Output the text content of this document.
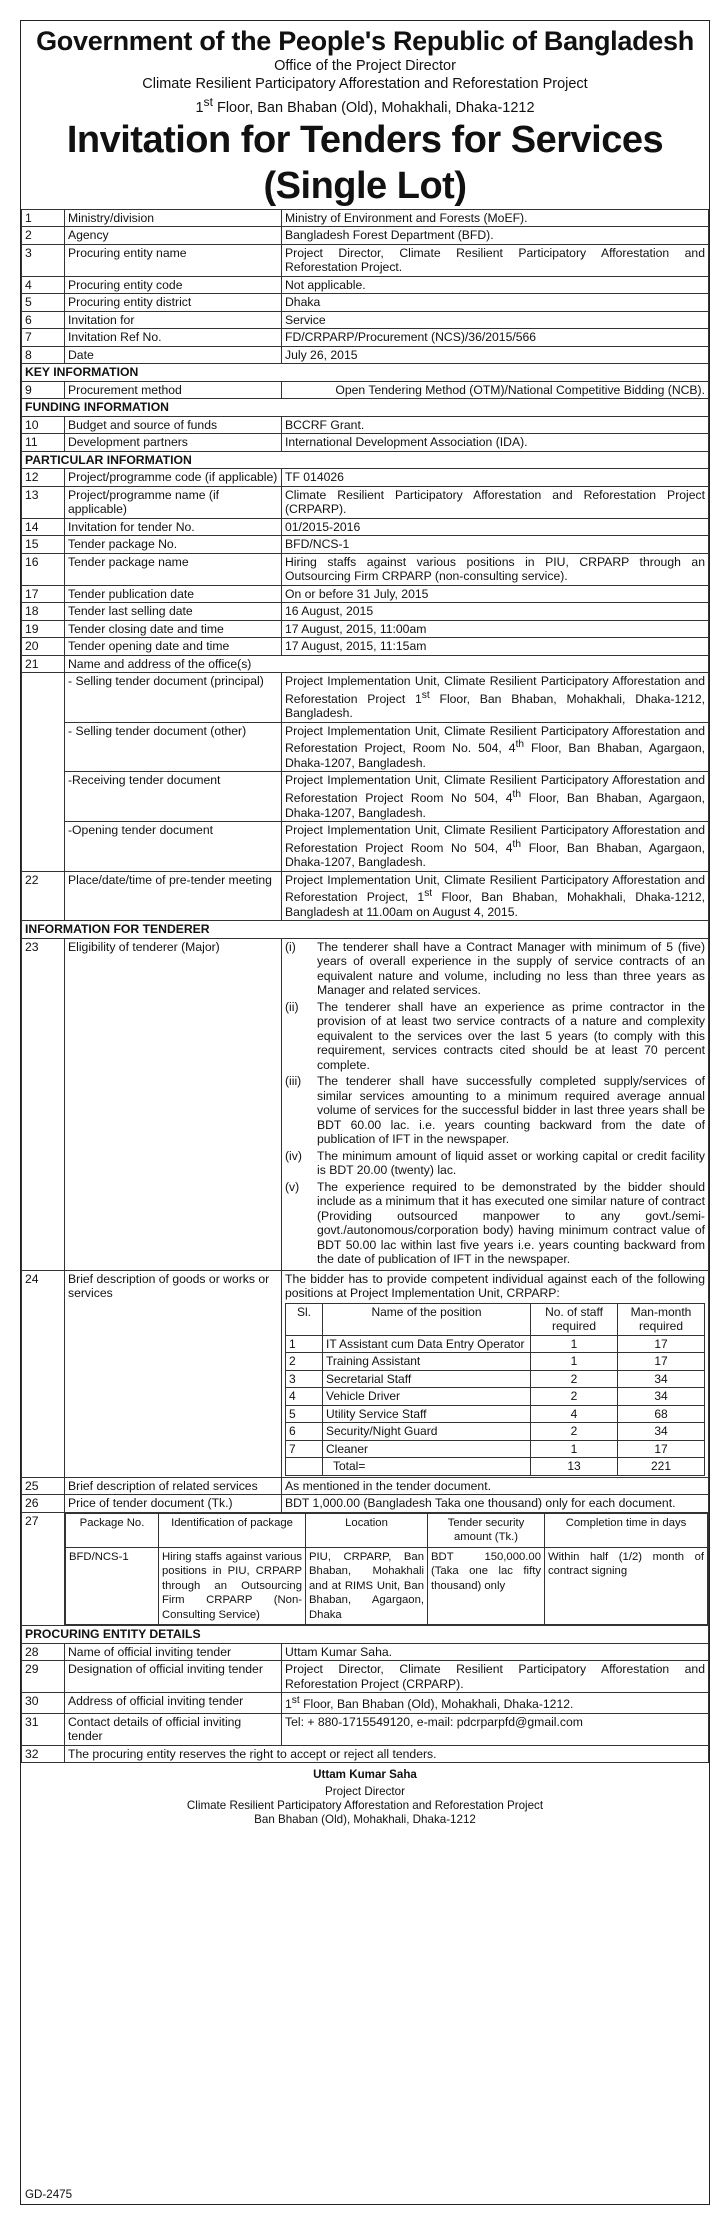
Government of the People's Republic of Bangladesh
Office of the Project Director
Climate Resilient Participatory Afforestation and Reforestation Project
1st Floor, Ban Bhaban (Old), Mohakhali, Dhaka-1212
Invitation for Tenders for Services
(Single Lot)
1	Ministry/division	Ministry of Environment and Forests (MoEF).
2	Agency	Bangladesh Forest Department (BFD).
3	Procuring entity name	Project Director, Climate Resilient Participatory Afforestation and Reforestation Project.
4	Procuring entity code	Not applicable.
5	Procuring entity district	Dhaka
6	Invitation for	Service
7	Invitation Ref No.	FD/CRPARP/Procurement (NCS)/36/2015/566
8	Date	July 26, 2015
KEY INFORMATION
9	Procurement method	Open Tendering Method (OTM)/National Competitive Bidding (NCB).
FUNDING INFORMATION
10	Budget and source of funds	BCCRF Grant.
11	Development partners	International Development Association (IDA).
PARTICULAR INFORMATION
12	Project/programme code (if applicable)	TF 014026
13	Project/programme name (if applicable)	Climate Resilient Participatory Afforestation and Reforestation Project (CRPARP).
14	Invitation for tender No.	01/2015-2016
15	Tender package No.	BFD/NCS-1
16	Tender package name	Hiring staffs against various positions in PIU, CRPARP through an Outsourcing Firm CRPARP (non-consulting service).
17	Tender publication date	On or before 31 July, 2015
18	Tender last selling date	16 August, 2015
19	Tender closing date and time	17 August, 2015, 11:00am
20	Tender opening date and time	17 August, 2015, 11:15am
21	Name and address of the office(s)
	- Selling tender document (principal)	Project Implementation Unit, Climate Resilient Participatory Afforestation and Reforestation Project 1st Floor, Ban Bhaban, Mohakhali, Dhaka-1212, Bangladesh.
	- Selling tender document (other)	Project Implementation Unit, Climate Resilient Participatory Afforestation and Reforestation Project, Room No. 504, 4th Floor, Ban Bhaban, Agargaon, Dhaka-1207, Bangladesh.
	-Receiving tender document	Project Implementation Unit, Climate Resilient Participatory Afforestation and Reforestation Project Room No 504, 4th Floor, Ban Bhaban, Agargaon, Dhaka-1207, Bangladesh.
	-Opening tender document	Project Implementation Unit, Climate Resilient Participatory Afforestation and Reforestation Project Room No 504, 4th Floor, Ban Bhaban, Agargaon, Dhaka-1207, Bangladesh.
22	Place/date/time of pre-tender meeting	Project Implementation Unit, Climate Resilient Participatory Afforestation and Reforestation Project, 1st Floor, Ban Bhaban, Mohakhali, Dhaka-1212, Bangladesh at 11.00am on August 4, 2015.
INFORMATION FOR TENDERER
23	Eligibility of tenderer (Major)	(i)	The tenderer shall have a Contract Manager with minimum of 5 (five) years of overall experience in the supply of service contracts of an equivalent nature and volume, including no less than three years as Manager and related services.
(ii)	The tenderer shall have an experience as prime contractor in the provision of at least two service contracts of a nature and complexity equivalent to the services over the last 5 years (to comply with this requirement, services contracts cited should be at least 70 percent complete.
(iii)	The tenderer shall have successfully completed supply/services of similar services amounting to a minimum required average annual volume of services for the successful bidder in last three years shall be BDT 60.00 lac. i.e. years counting backward from the date of publication of IFT in the newspaper.
(iv)	The minimum amount of liquid asset or working capital or credit facility is BDT 20.00 (twenty) lac.
(v)	The experience required to be demonstrated by the bidder should include as a minimum that it has executed one similar nature of contract (Providing outsourced manpower to any govt./semi-govt./autonomous/corporation body) having minimum contract value of BDT 50.00 lac within last five years i.e. years counting backward from the date of publication of IFT in the newspaper.

24	Brief description of goods or works or services	
The bidder has to provide competent individual against each of the following positions at Project Implementation Unit, CRPARP:
Sl.	Name of the position	No. of staff required	Man-month required
1	IT Assistant cum Data Entry Operator	1	17
2	Training Assistant	1	17
3	Secretarial Staff	2	34
4	Vehicle Driver	2	34
5	Utility Service Staff	4	68
6	Security/Night Guard	2	34
7	Cleaner	1	17
	Total=	13	221

25	Brief description of related services	As mentioned in the tender document.
26	Price of tender document (Tk.)	BDT 1,000.00 (Bangladesh Taka one thousand) only for each document.
27		Package No.	Identification of package	Location	Tender security amount (Tk.)	Completion time in days
BFD/NCS-1	Hiring staffs against various positions in PIU, CRPARP through an Outsourcing Firm CRPARP (Non-Consulting Service)	PIU, CRPARP, Ban Bhaban, Mohakhali and at RIMS Unit, Ban Bhaban, Agargaon, Dhaka	BDT 150,000.00 (Taka one lac fifty thousand) only	Within half (1/2) month of contract signing

PROCURING ENTITY DETAILS
28	Name of official inviting tender	Uttam Kumar Saha.
29	Designation of official inviting tender	Project Director, Climate Resilient Participatory Afforestation and Reforestation Project (CRPARP).
30	Address of official inviting tender	1st Floor, Ban Bhaban (Old), Mohakhali, Dhaka-1212.
31	Contact details of official inviting tender	Tel: + 880-1715549120, e-mail: pdcrparpfd@gmail.com
32	The procuring entity reserves the right to accept or reject all tenders.
Uttam Kumar Saha
Project Director
Climate Resilient Participatory Afforestation and Reforestation Project
Ban Bhaban (Old), Mohakhali, Dhaka-1212
GD-2475
